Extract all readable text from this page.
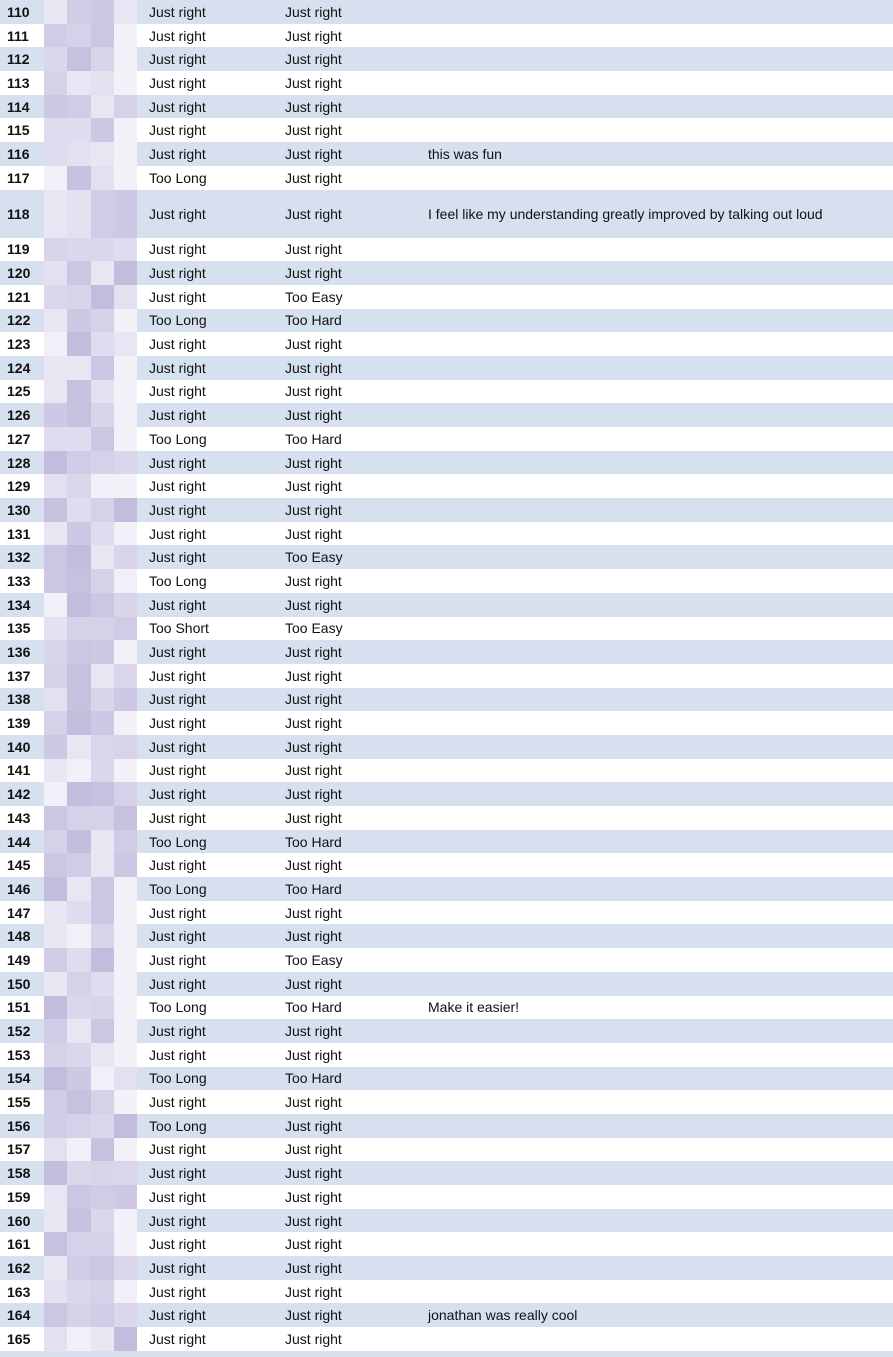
110		Just right	Just right	
111		Just right	Just right	
112		Just right	Just right	
113		Just right	Just right	
114		Just right	Just right	
115		Just right	Just right	
116		Just right	Just right	this was fun
117		Too Long	Just right	
118		Just right	Just right	I feel like my understanding greatly improved by talking out loud
119		Just right	Just right	
120		Just right	Just right	
121		Just right	Too Easy	
122		Too Long	Too Hard	
123		Just right	Just right	
124		Just right	Just right	
125		Just right	Just right	
126		Just right	Just right	
127		Too Long	Too Hard	
128		Just right	Just right	
129		Just right	Just right	
130		Just right	Just right	
131		Just right	Just right	
132		Just right	Too Easy	
133		Too Long	Just right	
134		Just right	Just right	
135		Too Short	Too Easy	
136		Just right	Just right	
137		Just right	Just right	
138		Just right	Just right	
139		Just right	Just right	
140		Just right	Just right	
141		Just right	Just right	
142		Just right	Just right	
143		Just right	Just right	
144		Too Long	Too Hard	
145		Just right	Just right	
146		Too Long	Too Hard	
147		Just right	Just right	
148		Just right	Just right	
149		Just right	Too Easy	
150		Just right	Just right	
151		Too Long	Too Hard	Make it easier!
152		Just right	Just right	
153		Just right	Just right	
154		Too Long	Too Hard	
155		Just right	Just right	
156		Too Long	Just right	
157		Just right	Just right	
158		Just right	Just right	
159		Just right	Just right	
160		Just right	Just right	
161		Just right	Just right	
162		Just right	Just right	
163		Just right	Just right	
164		Just right	Just right	jonathan was really cool
165		Just right	Just right	
